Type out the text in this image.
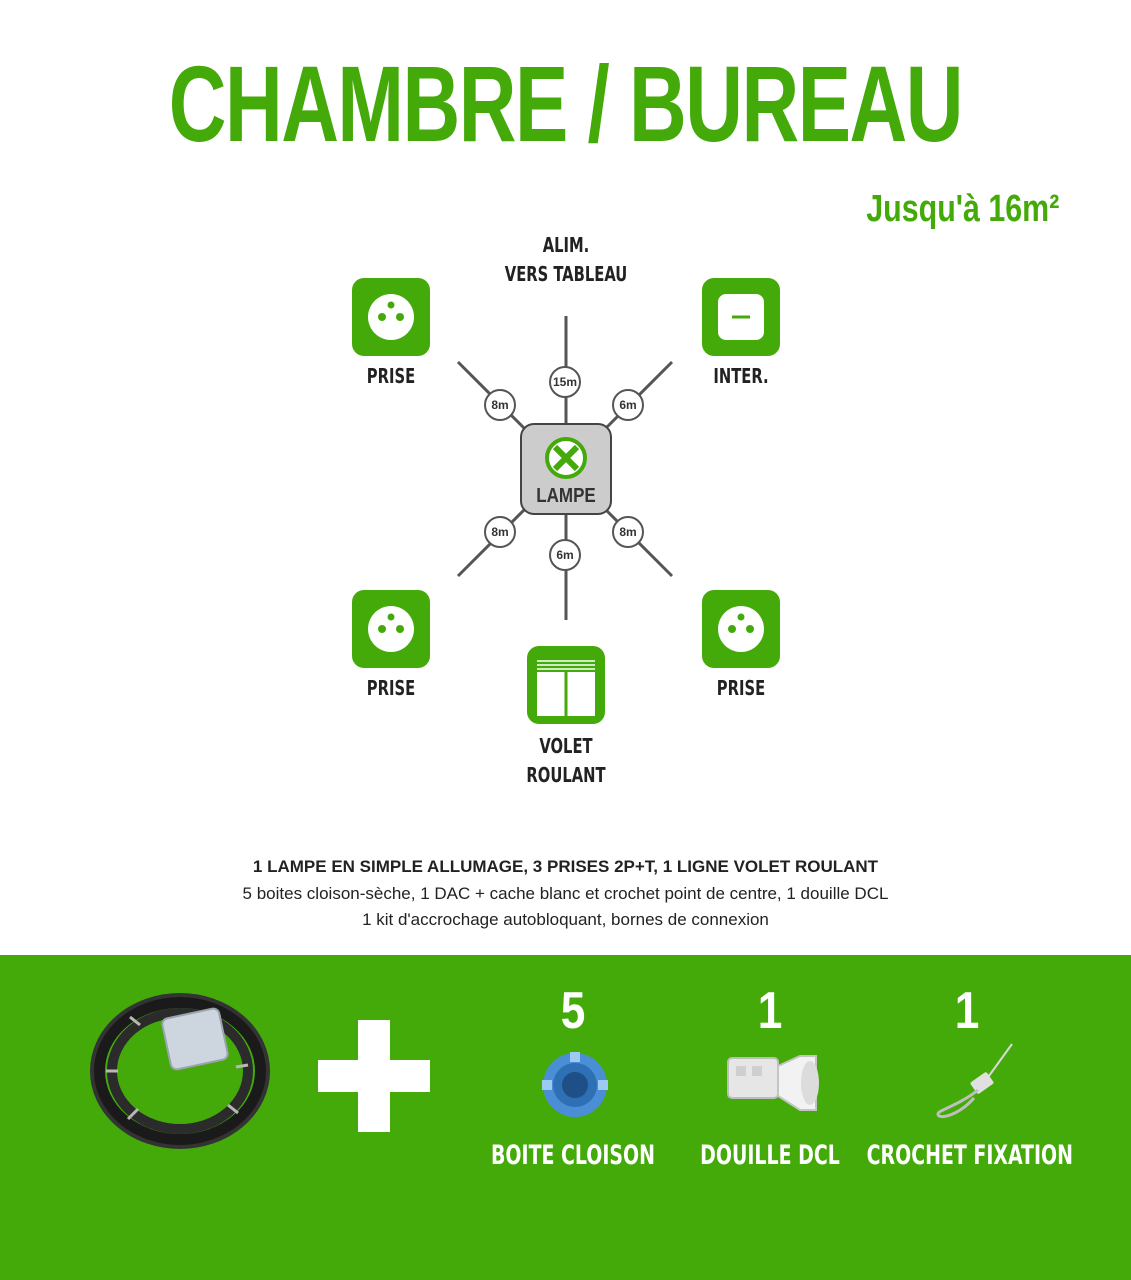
CHAMBRE / BUREAU
Jusqu'à 16m²
15m
8m	6m
8m
6m
8m
LAMPE
ALIM.
VERS TABLEAU
PRISE	INTER.
PRISE	PRISE
VOLET
ROULANT
1 LAMPE EN SIMPLE ALLUMAGE, 3 PRISES 2P+T, 1 LIGNE VOLET ROULANT
5 boites cloison-sèche, 1 DAC + cache blanc et crochet point de centre, 1 douille DCL
1 kit d'accrochage autobloquant, bornes de connexion
5
BOITE CLOISON
1
DOUILLE DCL
1
CROCHET FIXATION
